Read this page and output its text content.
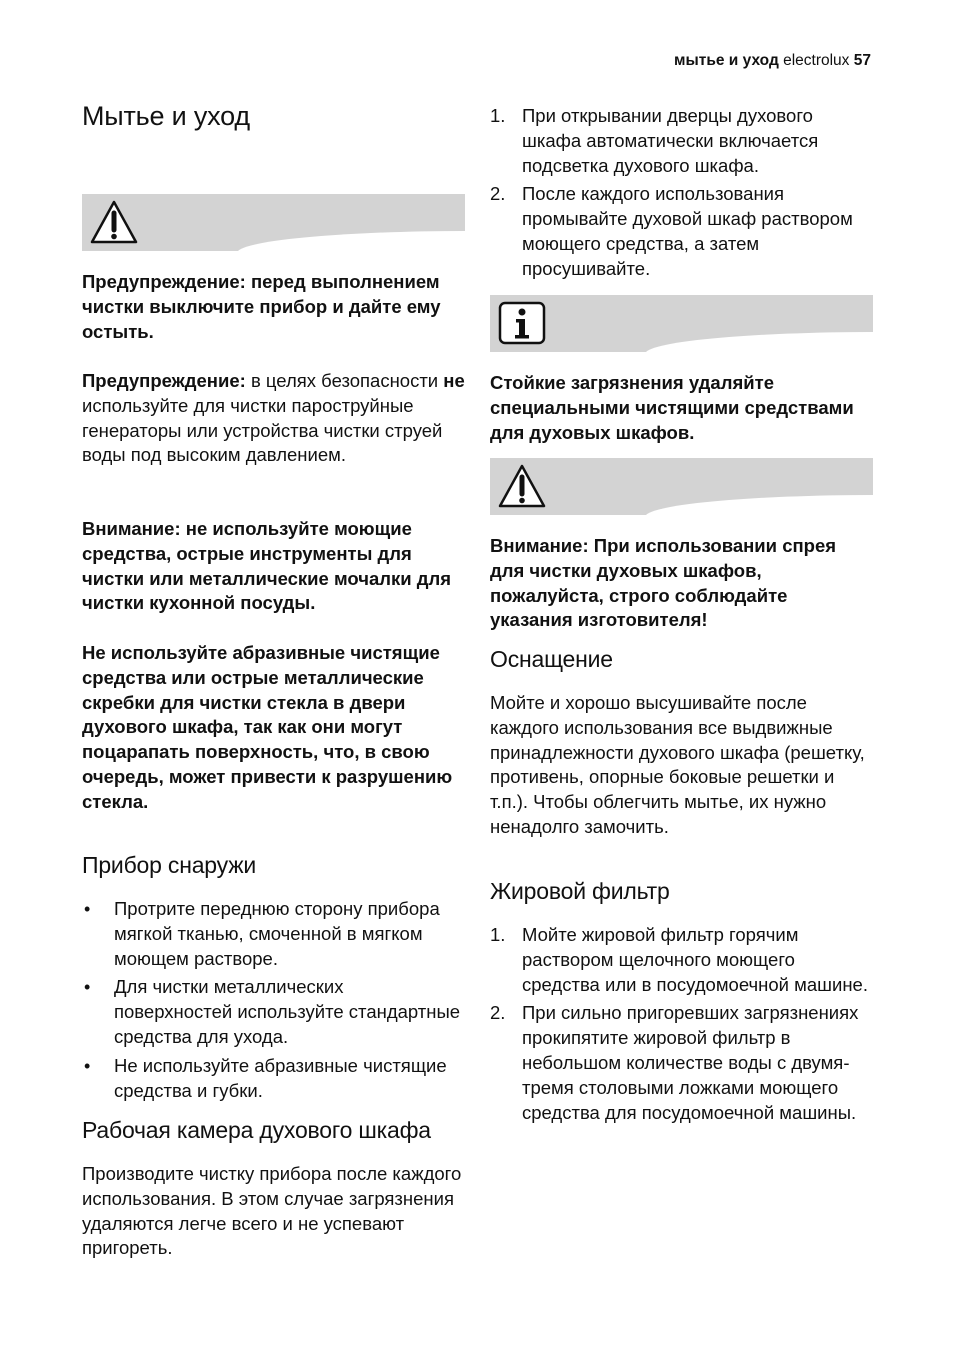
мытье и уход electrolux 57
Мытье и уход

Предупреждение: перед выполнением чистки выключите прибор и дайте ему остыть.

Предупреждение: в целях безопасности не используйте для чистки пароструйные генераторы или устройства чистки струей воды под высоким давлением.

Внимание: не используйте моющие средства, острые инструменты для чистки или металлические мочалки для чистки кухонной посуды.

Не используйте абразивные чистящие средства или острые металлические скребки для чистки стекла в двери духового шкафа, так как они могут поцарапать поверхность, что, в свою очередь, может привести к разрушению стекла.

Прибор снаружи
• Протрите переднюю сторону прибора мягкой тканью, смоченной в мягком моющем растворе.
• Для чистки металлических поверхностей используйте стандартные средства для ухода.
• Не используйте абразивные чистящие средства и губки.
Рабочая камера духового шкафа

Производите чистку прибора после каждого использования. В этом случае загрязнения удаляются легче всего и не успевают пригореть.

1. При открывании дверцы духового шкафа автоматически включается подсветка духового шкафа.
2. После каждого использования промывайте духовой шкаф раствором моющего средства, а затем просушивайте.

Стойкие загрязнения удаляйте специальными чистящими средствами для духовых шкафов.

Внимание: При использовании спрея для чистки духовых шкафов, пожалуйста, строго соблюдайте указания изготовителя!

Оснащение

Мойте и хорошо высушивайте после каждого использования все выдвижные принадлежности духового шкафа (решетку, противень, опорные боковые решетки и т.п.). Чтобы облегчить мытье, их нужно ненадолго замочить.

Жировой фильтр
1. Мойте жировой фильтр горячим раствором щелочного моющего средства или в посудомоечной машине.
2. При сильно пригоревших загрязнениях прокипятите жировой фильтр в небольшом количестве воды с двумя-тремя столовыми ложками моющего средства для посудомоечной машины.
